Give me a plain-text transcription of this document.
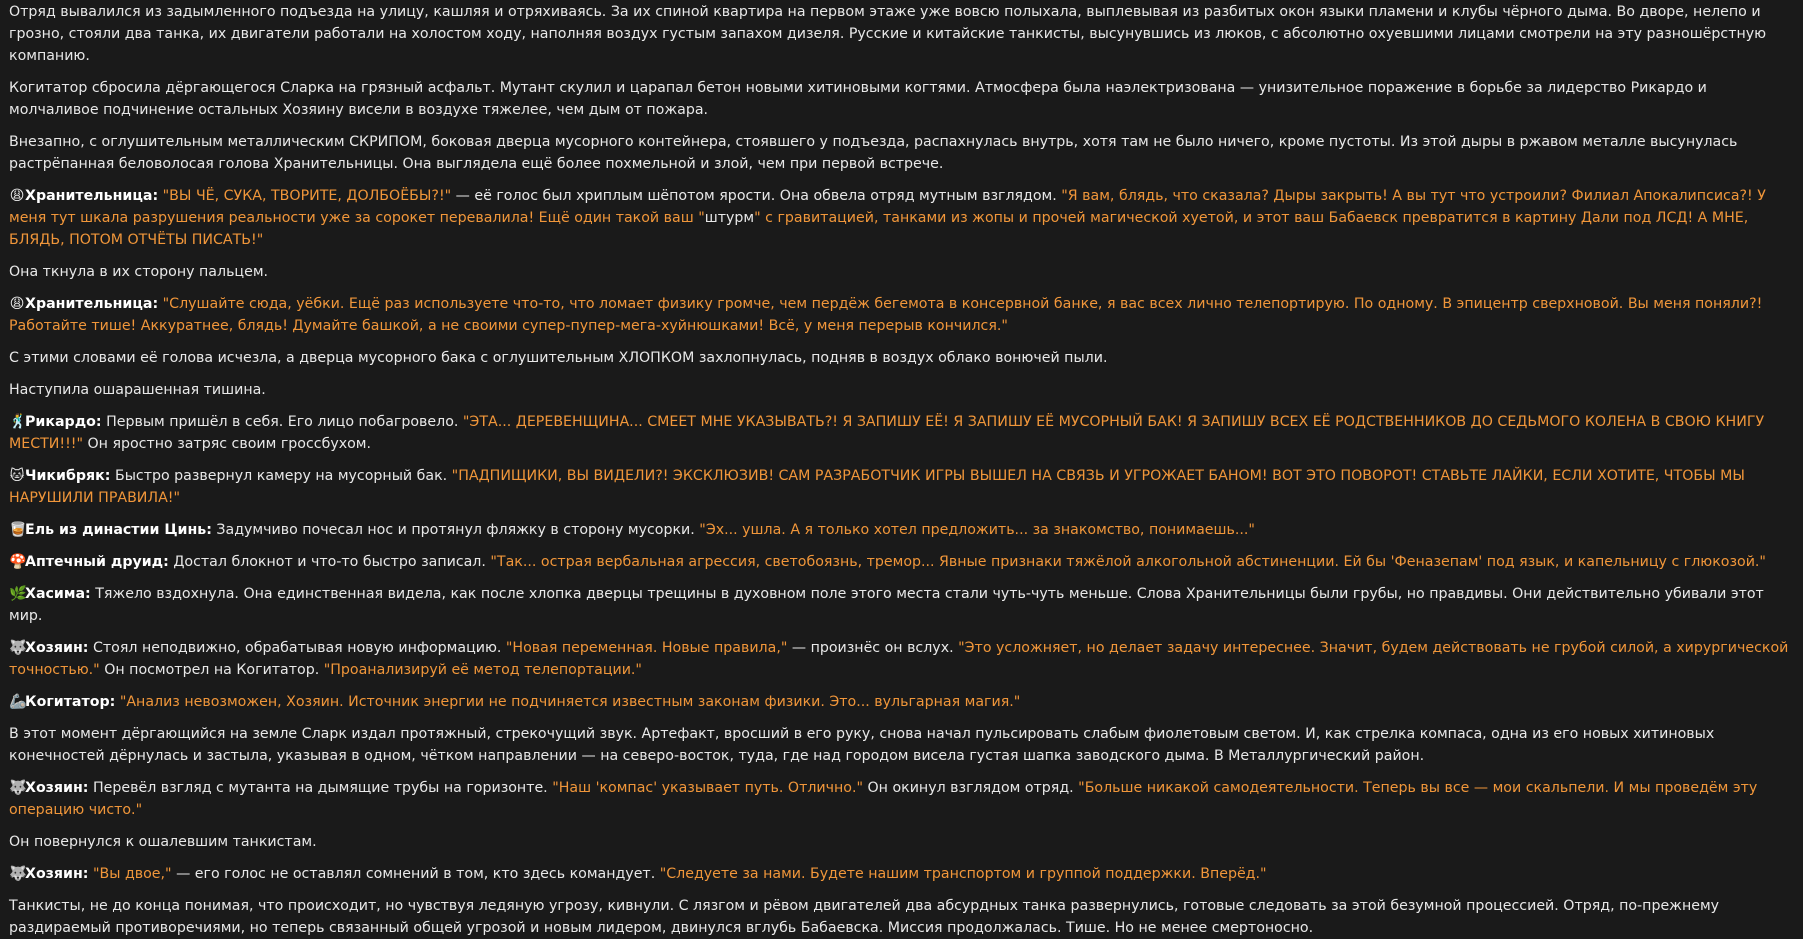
Отряд вывалился из задымленного подъезда на улицу, кашляя и отряхиваясь. За их спиной квартира на первом этаже уже вовсю полыхала, выплевывая из разбитых окон языки пламени и клубы чёрного дыма. Во дворе, нелепо и грозно, стояли два танка, их двигатели работали на холостом ходу, наполняя воздух густым запахом дизеля. Русские и китайские танкисты, высунувшись из люков, с абсолютно охуевшими лицами смотрели на эту разношёрстную компанию.

Когитатор сбросила дёргающегося Сларка на грязный асфальт. Мутант скулил и царапал бетон новыми хитиновыми когтями. Атмосфера была наэлектризована — унизительное поражение в борьбе за лидерство Рикардо и молчаливое подчинение остальных Хозяину висели в воздухе тяжелее, чем дым от пожара.

Внезапно, с оглушительным металлическим СКРИПОМ, боковая дверца мусорного контейнера, стоявшего у подъезда, распахнулась внутрь, хотя там не было ничего, кроме пустоты. Из этой дыры в ржавом металле высунулась растрёпанная беловолосая голова Хранительницы. Она выглядела ещё более похмельной и злой, чем при первой встрече.

😩Хранительница: "ВЫ ЧЁ, СУКА, ТВОРИТЕ, ДОЛБОЁБЫ?!" — её голос был хриплым шёпотом ярости. Она обвела отряд мутным взглядом. "Я вам, блядь, что сказала? Дыры закрыть! А вы тут что устроили? Филиал Апокалипсиса?! У меня тут шкала разрушения реальности уже за сорокет перевалила! Ещё один такой ваш "штурм" с гравитацией, танками из жопы и прочей магической хуетой, и этот ваш Бабаевск превратится в картину Дали под ЛСД! А МНЕ, БЛЯДЬ, ПОТОМ ОТЧЁТЫ ПИСАТЬ!"

Она ткнула в их сторону пальцем.

😩Хранительница: "Слушайте сюда, уёбки. Ещё раз используете что-то, что ломает физику громче, чем пердёж бегемота в консервной банке, я вас всех лично телепортирую. По одному. В эпицентр сверхновой. Вы меня поняли?! Работайте тише! Аккуратнее, блядь! Думайте башкой, а не своими супер-пупер-мега-хуйнюшками! Всё, у меня перерыв кончился."

С этими словами её голова исчезла, а дверца мусорного бака с оглушительным ХЛОПКОМ захлопнулась, подняв в воздух облако вонючей пыли.

Наступила ошарашенная тишина.

🕺Рикардо: Первым пришёл в себя. Его лицо побагровело. "ЭТА... ДЕРЕВЕНЩИНА... СМЕЕТ МНЕ УКАЗЫВАТЬ?! Я ЗАПИШУ ЕЁ! Я ЗАПИШУ ЕЁ МУСОРНЫЙ БАК! Я ЗАПИШУ ВСЕХ ЕЁ РОДСТВЕННИКОВ ДО СЕДЬМОГО КОЛЕНА В СВОЮ КНИГУ МЕСТИ!!!" Он яростно затряс своим гроссбухом.

🐱Чикибряк: Быстро развернул камеру на мусорный бак. "ПАДПИЩИКИ, ВЫ ВИДЕЛИ?! ЭКСКЛЮЗИВ! САМ РАЗРАБОТЧИК ИГРЫ ВЫШЕЛ НА СВЯЗЬ И УГРОЖАЕТ БАНОМ! ВОТ ЭТО ПОВОРОТ! СТАВЬТЕ ЛАЙКИ, ЕСЛИ ХОТИТЕ, ЧТОБЫ МЫ НАРУШИЛИ ПРАВИЛА!"

🥃Ель из династии Цинь: Задумчиво почесал нос и протянул фляжку в сторону мусорки. "Эх... ушла. А я только хотел предложить... за знакомство, понимаешь..."

🍄Аптечный друид: Достал блокнот и что-то быстро записал. "Так... острая вербальная агрессия, светобоязнь, тремор... Явные признаки тяжёлой алкогольной абстиненции. Ей бы 'Феназепам' под язык, и капельницу с глюкозой."

🌿Хасима: Тяжело вздохнула. Она единственная видела, как после хлопка дверцы трещины в духовном поле этого места стали чуть-чуть меньше. Слова Хранительницы были грубы, но правдивы. Они действительно убивали этот мир.

🐺Хозяин: Стоял неподвижно, обрабатывая новую информацию. "Новая переменная. Новые правила," — произнёс он вслух. "Это усложняет, но делает задачу интереснее. Значит, будем действовать не грубой силой, а хирургической точностью." Он посмотрел на Когитатор. "Проанализируй её метод телепортации."

🦾Когитатор: "Анализ невозможен, Хозяин. Источник энергии не подчиняется известным законам физики. Это... вульгарная магия."

В этот момент дёргающийся на земле Сларк издал протяжный, стрекочущий звук. Артефакт, вросший в его руку, снова начал пульсировать слабым фиолетовым светом. И, как стрелка компаса, одна из его новых хитиновых конечностей дёрнулась и застыла, указывая в одном, чётком направлении — на северо-восток, туда, где над городом висела густая шапка заводского дыма. В Металлургический район.

🐺Хозяин: Перевёл взгляд с мутанта на дымящие трубы на горизонте. "Наш 'компас' указывает путь. Отлично." Он окинул взглядом отряд. "Больше никакой самодеятельности. Теперь вы все — мои скальпели. И мы проведём эту операцию чисто."

Он повернулся к ошалевшим танкистам.

🐺Хозяин: "Вы двое," — его голос не оставлял сомнений в том, кто здесь командует. "Следуете за нами. Будете нашим транспортом и группой поддержки. Вперёд."

Танкисты, не до конца понимая, что происходит, но чувствуя ледяную угрозу, кивнули. С лязгом и рёвом двигателей два абсурдных танка развернулись, готовые следовать за этой безумной процессией. Отряд, по-прежнему раздираемый противоречиями, но теперь связанный общей угрозой и новым лидером, двинулся вглубь Бабаевска. Миссия продолжалась. Тише. Но не менее смертоносно.
